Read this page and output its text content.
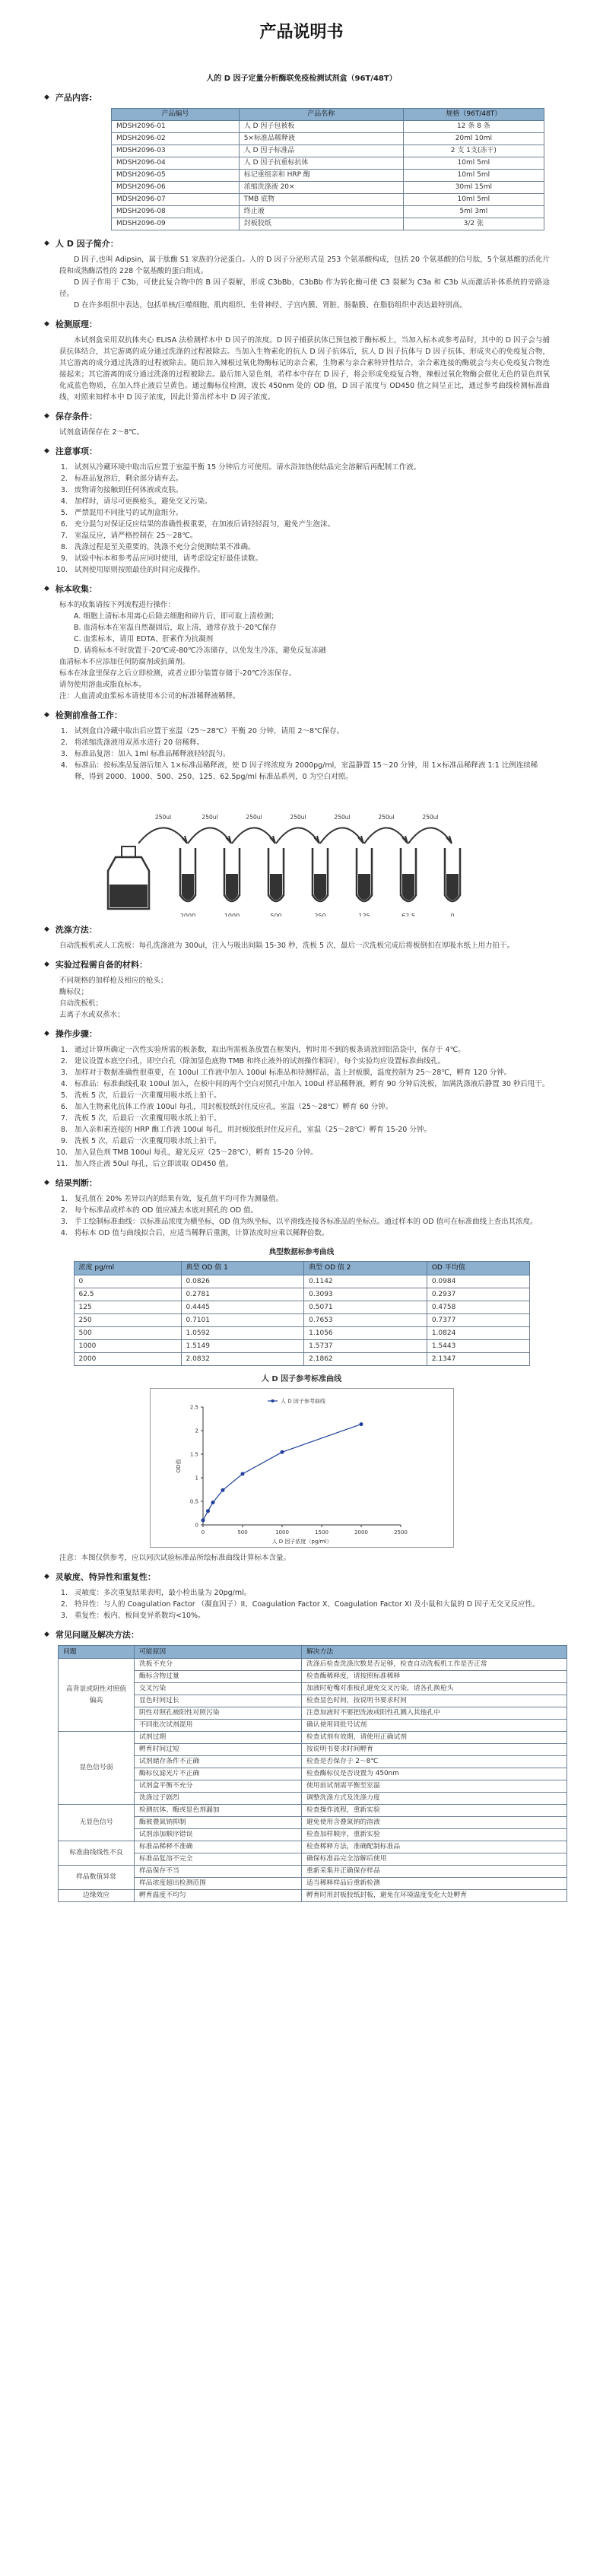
产品说明书
人的 D 因子定量分析酶联免疫检测试剂盒（96T/48T）
◆ 产品内容:
产品编号	产品名称	规格（96T/48T）
MDSH2096-01	人 D 因子包被板	12 条 8 条
MDSH2096-02	5×标准品稀释液	20ml 10ml
MDSH2096-03	人 D 因子标准品	2 支 1支(冻干)
MDSH2096-04	人 D 因子抗重标抗体	10ml 5ml
MDSH2096-05	标记重组亲和 HRP 酶	10ml 5ml
MDSH2096-06	浓缩洗涤液 20×	30ml 15ml
MDSH2096-07	TMB 底物	10ml 5ml
MDSH2096-08	终止液	5ml 3ml
MDSH2096-09	封板胶纸	3/2 张
◆ 人 D 因子简介：

D 因子,也叫 Adipsin，属于肽酶 S1 家族的分泌蛋白。人的 D 因子分泌形式是 253 个氨基酸构成，包括 20 个氨基酸的信号肽，5个氨基酸的活化片段和成熟酶活性的 228 个氨基酸的蛋白组成。

D 因子作用于 C3b，可使此复合物中的 B 因子裂解，形成 C3bBb，C3bBb 作为转化酶可使 C3 裂解为 C3a 和 C3b 从而激活补体系统的旁路途径。

D 在许多组织中表达，包括单核/巨噬细胞、肌肉组织、坐骨神经、子宫内膜、肾脏、肠黏膜、在脂肪组织中表达最特别高。

◆ 检测原理：

本试剂盒采用双抗体夹心 ELISA 法检测样本中 D 因子的浓度。D 因子捕获抗体已预包被于酶标板上，当加入标本或参考品时，其中的 D 因子会与捕获抗体结合，其它游离的成分通过洗涤的过程被除去。当加入生物素化的抗人 D 因子抗体后，抗人 D 因子抗体与 D 因子抗体、形成夹心的免疫复合物，其它游离的成分通过洗涤的过程被除去。随后加入辣根过氧化物酶标记的亲合素，生物素与亲合素特异性结合，亲合素连接的酶就会与夹心免疫复合物连接起来；其它游离的成分通过洗涤的过程被除去。最后加入显色剂，若样本中存在 D 因子，将会形成免疫复合物，辣根过氧化物酶会催化无色的显色剂氧化成蓝色物质，在加入终止液后呈黄色。通过酶标仪检测，波长 450nm 处的 OD 值，D 因子浓度与 OD450 值之间呈正比，通过参考曲线检测标准曲线，对照来知样本中 D 因子浓度，因此计算出样本中 D 因子浓度。

◆ 保存条件：

试剂盒请保存在 2～8℃。

◆ 注意事项：
1. 试剂从冷藏环境中取出后应置于室温平衡 15 分钟后方可使用。请水浴加热使结晶完全溶解后再配制工作液。
2. 标准品复溶后，剩余部分请弃去。
3. 废物请勿接触到任何体液或皮肤。
4. 加样时，请尽可更换枪头，避免交叉污染。
5. 严禁混用不同批号的试剂盒组分。
6. 充分混匀对保证反应结果的准确性极重要，在加液后请轻轻混匀，避免产生泡沫。
7. 室温反应，请严格控制在 25～28℃。
8. 洗涤过程是至关重要的，洗涤不充分会使测结果不准确。
9. 试验中标本和参考品应同时使用，请考虑设定好最佳读数。
10. 试剂使用原则按照最佳的时间完成操作。
◆ 标本收集：
标本的收集请按下列流程进行操作：
A. 细胞上清标本用离心后除去细胞和碎片后，即可取上清检测；
B. 血清标本在室温自然凝固后，取上清，通常存放于-20℃保存
C. 血浆标本，请用 EDTA、肝素作为抗凝剂
D. 请将标本不时放置于-20℃或-80℃冷冻储存，以免发生冷冻，避免反复冻融
血清标本不应添加任何防腐剂或抗菌剂。
标本在冰盒里保存之后立即检测，或者立即分装置存储于-20℃冷冻保存。
请勿使用溶血或脂血标本。
注：人血清或血浆标本请使用本公司的标准稀释液稀释。
◆ 检测前准备工作：
1. 试剂盒自冷藏中取出后应置于室温（25～28℃）平衡 20 分钟，请用 2～8℃保存。
2. 将浓缩洗涤液用双蒸水进行 20 倍稀释。
3. 标准品复溶：加入 1ml 标准品稀释液轻轻混匀。
4. 标准品：按标准品复溶后加入 1×标准品稀释液，使 D 因子终浓度为 2000pg/ml，室温静置 15～20 分钟，用 1×标准品稀释液 1:1 比例连续稀释，得到 2000、1000、500、250、125、62.5pg/ml 标准品系列，0 为空白对照。
2000
250ul
1000
250ul
500
250ul
250
250ul
125
250ul
62.5
250ul
0
250ul
◆ 洗涤方法：

自动洗板机或人工洗板：每孔洗涤液为 300ul，注入与吸出间隔 15-30 秒，洗板 5 次，最后一次洗板完成后将板倒扣在厚吸水纸上用力拍干。

◆ 实验过程需自备的材料：
不同规格的加样枪及相应的枪头；
酶标仪；
自动洗板机；
去离子水或双蒸水；
◆ 操作步骤：
1. 通过计算所确定一次性实验所需的板条数，取出所需板条放置在框架内，暂时用不到的板条请放回铝箔袋中，保存于 4℃。
2. 建议设置本底空白孔，即空白孔（除加显色底物 TMB 和终止液外的试剂操作相同），每个实验均应设置标准曲线孔。
3. 加样对于数据准确性很重要，在 100ul 工作液中加入 100ul 标准品和待测样品，盖上封板膜，温度控制为 25～28℃，孵育 120 分钟。
4. 标准品：标准曲线孔取 100ul 加入，在板中间的两个空白对照孔中加入 100ul 样品稀释液，孵育 90 分钟后洗板，加满洗涤液后静置 30 秒后甩干。
5. 洗板 5 次，后最后一次重覆用吸水纸上拍干。
6. 加入生物素化抗体工作液 100ul 每孔，用封板胶纸封住反应孔，室温（25～28℃）孵育 60 分钟。
7. 洗板 5 次，后最后一次重覆用吸水纸上拍干。
8. 加入亲和素连接的 HRP 酶工作液 100ul 每孔，用封板胶纸封住反应孔，室温（25～28℃）孵育 15-20 分钟。
9. 洗板 5 次，后最后一次重覆用吸水纸上拍干。
10. 加入显色剂 TMB 100ul 每孔，避光反应（25～28℃），孵育 15-20 分钟。
11. 加入终止液 50ul 每孔，后立即读取 OD450 值。
◆ 结果判断：
1. 复孔值在 20% 差异以内的结果有效，复孔值平均可作为测量值。
2. 每个标准品或样本的 OD 值应减去本底对照孔的 OD 值。
3. 手工绘制标准曲线：以标准品浓度为横坐标，OD 值为纵坐标，以平滑线连接各标准品的坐标点。通过样本的 OD 值可在标准曲线上查出其浓度。
4. 将标本 OD 值与曲线拟合后，应适当稀释后重测，计算浓度时应乘以稀释倍数。
典型数据标参考曲线
浓度 pg/ml	典型 OD 值 1	典型 OD 值 2	OD 平均值
0	0.0826	0.1142	0.0984
62.5	0.2781	0.3093	0.2937
125	0.4445	0.5071	0.4758
250	0.7101	0.7653	0.7377
500	1.0592	1.1056	1.0824
1000	1.5149	1.5737	1.5443
2000	2.0832	2.1862	2.1347
人 D 因子参考标准曲线
0	500	1000	1500	2000	2500
0
0.5
1
1.5
2
2.5
人 D 因子浓度（pg/ml）
OD值
人 D 因子参考曲线

注意：本图仅供参考，应以同次试验标准品所绘标准曲线计算标本含量。

◆ 灵敏度、特异性和重复性：
1. 灵敏度：多次重复结果表明，最小检出量为 20pg/ml。
2. 特异性：与人的 Coagulation Factor （凝血因子）II、Coagulation Factor X、Coagulation Factor XI 及小鼠和大鼠的 D 因子无交叉反应性。
3. 重复性：板内、板间变异系数均<10%。
◆ 常见问题及解决方法：
问题	可能原因	解决方法
高背景或阴性对照值偏高	洗板不充分	洗涤后检查洗涤次数是否足够，检查自动洗板机工作是否正常
	酶标含物过量	检查酶稀释度，请按照标准稀释
	交叉污染	加液时枪嘴对准板孔避免交叉污染，请各孔换枪头
	显色时间过长	检查显色时间，按说明书要求时间
	阴性对照孔被阳性对照污染	注意加液时不要把洗液或阳性孔溅入其他孔中
	不同批次试剂混用	确认使用同批号试剂
显色信号弱	试剂过期	检查试剂有效期，请使用正确试剂
	孵育时间过短	按说明书要求时间孵育
	试剂储存条件不正确	检查是否保存于 2～8℃
	酶标仪滤光片不正确	检查酶标仪是否设置为 450nm
	试剂盒平衡不充分	使用前试剂需平衡至室温
	洗涤过于剧烈	调整洗涤方式及洗涤力度
无显色信号	检测抗体、酶或显色剂漏加	检查操作流程，重新实验
	酶被叠氮钠抑制	避免使用含叠氮钠的溶液
	试剂添加顺序错误	检查加样顺序，重新实验
标准曲线线性不良	标准品稀释不准确	检查稀释方法，准确配制标准品
	标准品复溶不完全	确保标准品完全溶解后使用
样品数值异常	样品保存不当	重新采集并正确保存样品
	样品浓度超出检测范围	适当稀释样品后重新检测
边缘效应	孵育温度不均匀	孵育时用封板胶纸封板，避免在环境温度变化大处孵育
